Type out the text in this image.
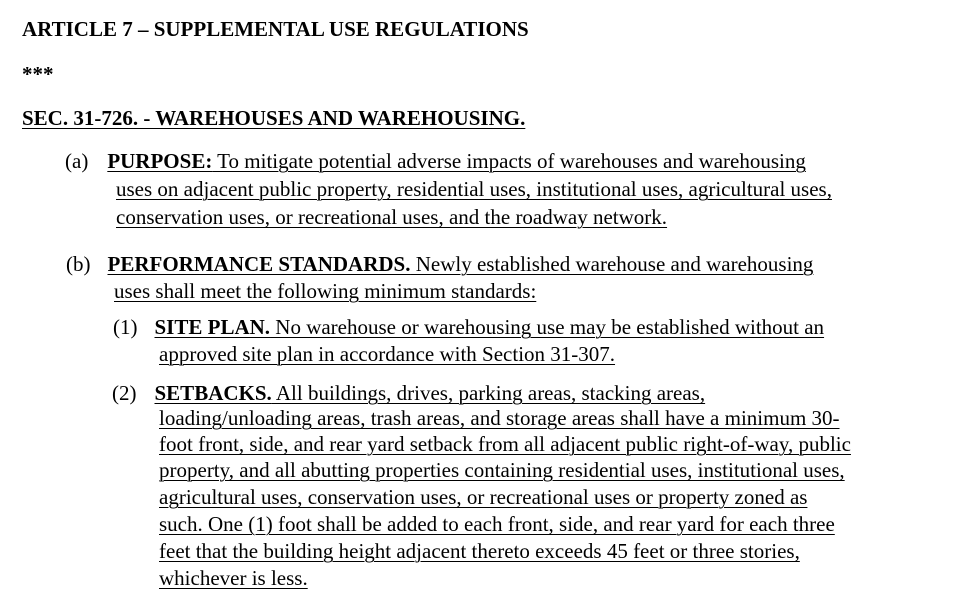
ARTICLE 7 – SUPPLEMENTAL USE REGULATIONS
***
SEC. 31-726. - WAREHOUSES AND WAREHOUSING.
(a) PURPOSE: To mitigate potential adverse impacts of warehouses and warehousing
uses on adjacent public property, residential uses, institutional uses, agricultural uses,
conservation uses, or recreational uses, and the roadway network.
(b) PERFORMANCE STANDARDS. Newly established warehouse and warehousing
uses shall meet the following minimum standards:
(1) SITE PLAN. No warehouse or warehousing use may be established without an
approved site plan in accordance with Section 31-307.
(2) SETBACKS. All buildings, drives, parking areas, stacking areas,
loading/unloading areas, trash areas, and storage areas shall have a minimum 30-
foot front, side, and rear yard setback from all adjacent public right-of-way, public
property, and all abutting properties containing residential uses, institutional uses,
agricultural uses, conservation uses, or recreational uses or property zoned as
such. One (1) foot shall be added to each front, side, and rear yard for each three
feet that the building height adjacent thereto exceeds 45 feet or three stories,
whichever is less.
